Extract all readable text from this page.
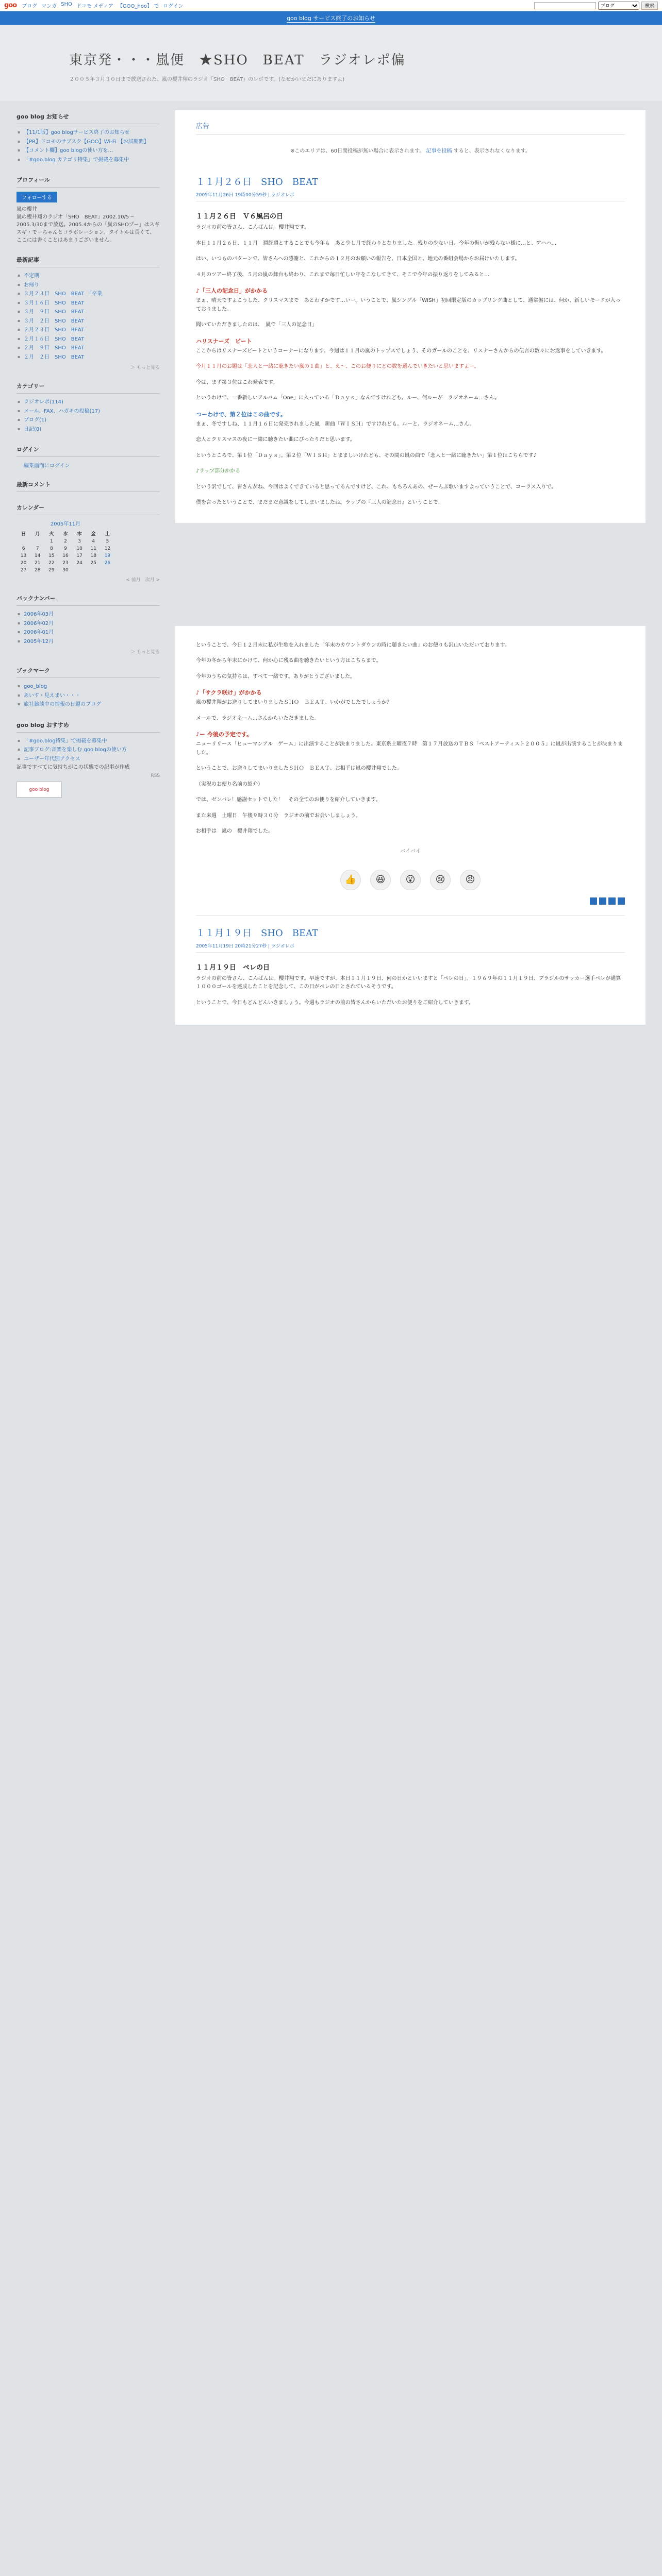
goo ブログ マンガ SHO ドコモ メディア 【GOO_hoo】 で ログイン
ブログ	検索
goo blog サービス終了のお知らせ
東京発・・・嵐便　★SHO　BEAT　ラジオレポ偏
２００５年３月３０日まで放送された、嵐の櫻井翔のラジオ「SHO　BEAT」のレポです。(なぜかいまだにありますよ)
goo blog お知らせ
▪ 【11/1版】goo blogサービス終了のお知らせ
▪ 【PR】ドコモのサブスク【GOO】Wi-Fi 【お試期間】
▪ 【コメント欄】goo blogの使い方を…
▪ 「#goo.blog カテゴリ特集」で掲載を募集中
プロフィール
フォローする
嵐の櫻井
嵐の櫻井翔のラジオ「SHO　BEAT」2002.10/5〜2005.3/30まで放送。2005.4からの「嵐のSHOプー」はスギスギ・でーちゃんとコラボレーション。タイトルは長くて、ここには書くことはあまりございません。
最新記事
▪ 不定期
▪ お帰り
▪ ３月２３日　SHO　BEAT　「卒業
▪ ３月１６日　SHO　BEAT
▪ ３月　９日　SHO　BEAT
▪ ３月　２日　SHO　BEAT
▪ ２月２３日　SHO　BEAT
▪ ２月１６日　SHO　BEAT
▪ ２月　９日　SHO　BEAT
▪ ２月　２日　SHO　BEAT
＞ もっと見る
カテゴリー
▪ ラジオレポ(114)
▪ メール、FAX、ハガキの投稿(17)
▪ ブログ(1)
▪ 日記(0)
ログイン
編集画面にログイン
最新コメント
カレンダー
2005年11月
日	月	火	水	木	金	土
		1	2	3	4	5
6	7	8	9	10	11	12
13	14	15	16	17	18	19
20	21	22	23	24	25	26
27	28	29	30			
< 前月　次月 >
バックナンバー
▪ 2006年03月
▪ 2006年02月
▪ 2006年01月
▪ 2005年12月
＞ もっと見る
ブックマーク
▪ goo_blog
▪ あいす・見えまい・・・
▪ 旅社雑談中の情報の日題のブログ
goo blog おすすめ
▪ 「#goo.blog特集」で掲載を募集中
▪ 記事ブログ:音楽を楽しむ goo blogの使い方
▪ ユーザー年代別アクセス
記事ですべてに気持ちがこの状態での記事が作成
RSS
goo blog
広告
※このエリアは、60日間投稿が無い場合に表示されます。 記事を投稿 すると、表示されなくなります。
１１月２６日　SHO　BEAT
2005年11月26日 19時00分59秒 | ラジオレポ
１１月２６日　Ｖ６風呂の日

ラジオの前の皆さん、こんばんは。櫻井翔です。

本日１１月２６日、１１月　週終週とすることでも今年も　あと少し月で終わりとなりました。残りの少ない日、今年の悔いが残らない様に…と、アハハ…

はい、いつものパターンで、皆さんへの感謝と、これからの１２月のお願いの報告を、日本全国と、地元の番組会場からお届けいたします。

４月のツアー終了後、５月の嵐の舞台も終わり、これまで毎日忙しい年をこなしてきて、そこで今年の振り返りをしてみると…

♪「三人の記念日」がかかる

まぁ、晴天ですよこうした、クリスマスまで　あとわずかです…いー。いうことで、嵐シングル「WISH」初回限定版のカップリング曲として、通常盤には、何か、新しいモードが入っておりました。

聞いていただきましたのは、　嵐で「三人の記念日」

ハリスナーズ　ビート

ここからはリスナーズビートというコーナーになります。今週は１１月の嵐のトップスでしょう、そのガールのことを、リスナーさんからの伝言の数々にお返事をしていきます。

今月１１月のお題は「恋人と一緒に聴きたい嵐の１曲」と、え〜、このお便りにどの数を選んでいきたいと思いますよー。

今は、まず第３位はこれ発表です。

というわけで、一番新しいアルバム「One」に入っている「Ｄａｙｓ」なんですけれども。ルー、何ルーが　ラジオネーム…さん。

つーわけで、第２位はこの曲です。

まぁ、冬ですしね、１１月１６日に発売されました嵐　新曲「ＷＩＳＨ」ですけれども。ルーと、ラジオネーム…さん。

恋人とクリスマスの夜に一緒に聴きたい曲にぴったりだと思います。

というところで、第１位「Ｄａｙｓ」。第２位「ＷＩＳＨ」とまましいけれども、その間の嵐の曲で「恋人と一緒に聴きたい」第１位はこちらです♪

♪ラップ部分かかる

という訳でして、皆さんがね、今回はよくできていると思ってるんですけど、これ、もちろんあの、ぜーんぶ歌いますよっていうことで、コーラス入りで。

僕を言ったということで、まだまだ意識をしてしまいましたね。ラップの『三人の記念日』ということで、

ということで、今日１２月末に私が生歌を入れました「年末のカウントダウンの時に聴きたい曲」のお便りも沢山いただいております。

今年の冬から年末にかけて、何か心に残る曲を聴きたいという方はこちらまで。

今年のうちの気持ちは、すべて一緒です。ありがとうございました。

♪「サクラ咲け」がかかる

嵐の櫻井翔がお送りしてまいりましたＳＨＯ　ＢＥＡＴ、いかがでしたでしょうか？

メールで、ラジオネーム…さんからいただきました。

♪ー 今後の予定です。

ニューリリース「ヒューマンアル　ゲーム」に出演することが決まりました。東京系土曜夜７時　第１７月放送のＴＢＳ「ベストアーティスト２００５」に嵐が出演することが決まりました。

ということで、お送りしてまいりましたＳＨＯ　ＢＥＡＴ、お相手は嵐の櫻井翔でした。

（実況のお便り名前の紹介）

では、ゼンバレ！感謝セットでした！　その全てのお便りを紹介していきます。

また来週　土曜日　午後９時３０分　ラジオの前でお会いしましょう。

お相手は　嵐の　櫻井翔でした。

バイバイ
👍	😆	😮	😢	😠
１１月１９日　SHO　BEAT
2005年11月19日 20時21分27秒 | ラジオレポ
１１月１９日　ペレの日

ラジオの前の皆さん、こんばんは。櫻井翔です。早速ですが、本日１１月１９日、何の日かといいますと「ペレの日」。１９６９年の１１月１９日、ブラジルのサッカー選手ペレが通算１０００ゴールを達成したことを記念して、この日がペレの日とされているそうです。

ということで、今日もどんどんいきましょう。今週もラジオの前の皆さんからいただいたお便りをご紹介していきます。
